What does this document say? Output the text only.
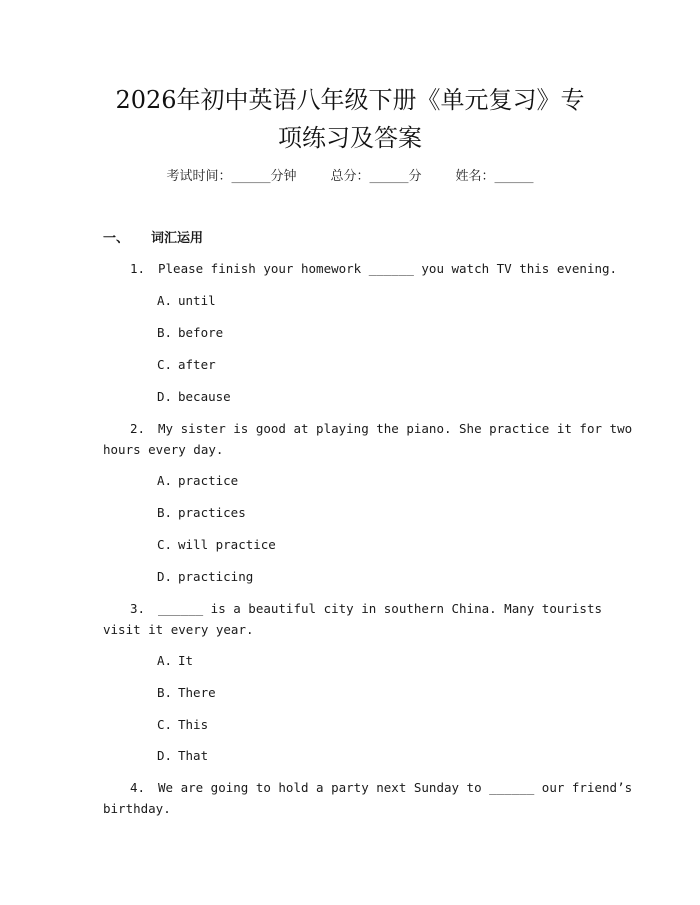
2026年初中英语八年级下册《单元复习》专
项练习及答案
考试时间：______分钟	总分：______分	姓名：______
一、 词汇运用
1. Please finish your homework ______ you watch TV this evening.
A. until
B. before
C. after
D. because
2. My sister is good at playing the piano. She practice it for two
hours every day.
A. practice
B. practices
C. will practice
D. practicing
3. ______ is a beautiful city in southern China. Many tourists
visit it every year.
A. It
B. There
C. This
D. That
4. We are going to hold a party next Sunday to ______ our friend’s
birthday.
